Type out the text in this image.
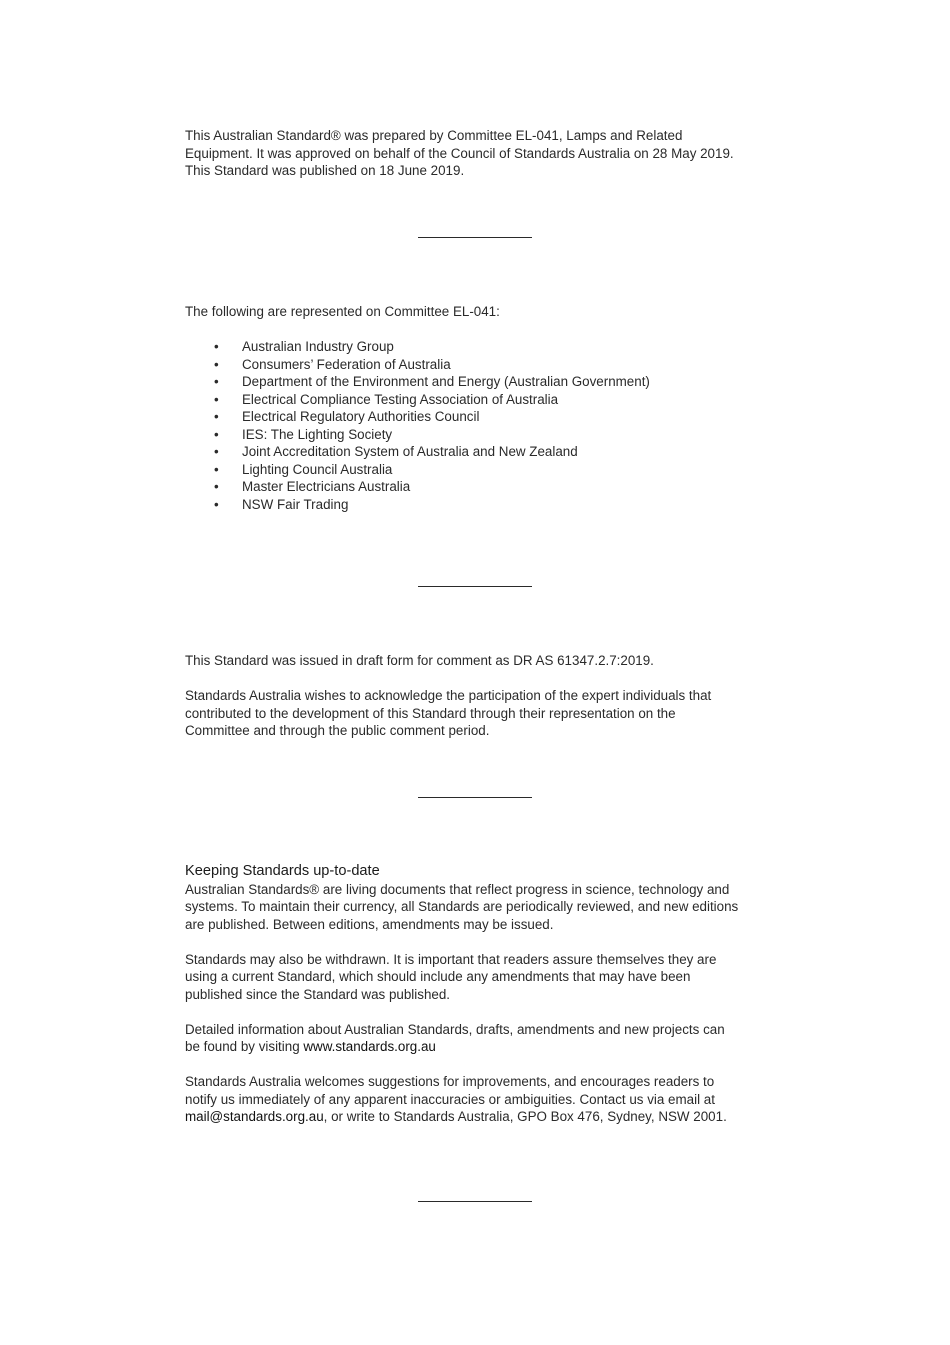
This Australian Standard® was prepared by Committee EL-041, Lamps and Related

Equipment. It was approved on behalf of the Council of Standards Australia on 28 May 2019.

This Standard was published on 18 June 2019.

The following are represented on Committee EL-041:

• Australian Industry Group
• Consumers’ Federation of Australia
• Department of the Environment and Energy (Australian Government)
• Electrical Compliance Testing Association of Australia
• Electrical Regulatory Authorities Council
• IES: The Lighting Society
• Joint Accreditation System of Australia and New Zealand
• Lighting Council Australia
• Master Electricians Australia
• NSW Fair Trading

This Standard was issued in draft form for comment as DR AS 61347.2.7:2019.

Standards Australia wishes to acknowledge the participation of the expert individuals that

contributed to the development of this Standard through their representation on the

Committee and through the public comment period.

Keeping Standards up-to-date

Australian Standards® are living documents that reflect progress in science, technology and

systems. To maintain their currency, all Standards are periodically reviewed, and new editions

are published. Between editions, amendments may be issued.

Standards may also be withdrawn. It is important that readers assure themselves they are

using a current Standard, which should include any amendments that may have been

published since the Standard was published.

Detailed information about Australian Standards, drafts, amendments and new projects can

be found by visiting www.standards.org.au

Standards Australia welcomes suggestions for improvements, and encourages readers to

notify us immediately of any apparent inaccuracies or ambiguities. Contact us via email at

mail@standards.org.au, or write to Standards Australia, GPO Box 476, Sydney, NSW 2001.
